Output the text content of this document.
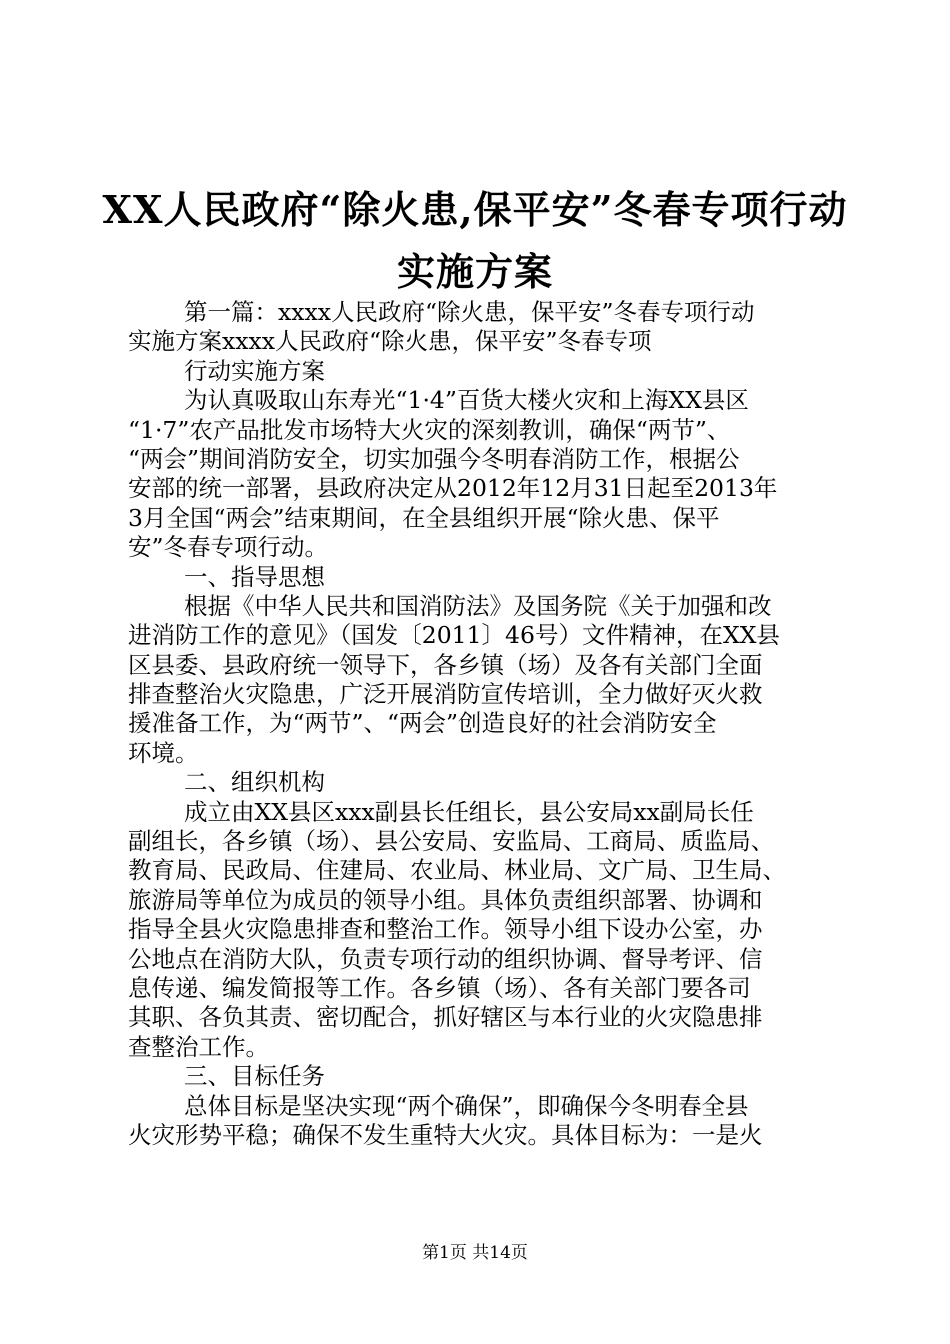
XX人民政府“除火患,保平安”冬春专项行动
实施方案
第一篇：xxxx人民政府“除火患，保平安”冬春专项行动
实施方案xxxx人民政府“除火患，保平安”冬春专项
行动实施方案
为认真吸取山东寿光“1·4”百货大楼火灾和上海XX县区
“1·7”农产品批发市场特大火灾的深刻教训，确保“两节”、
“两会”期间消防安全，切实加强今冬明春消防工作，根据公
安部的统一部署，县政府决定从2012年12月31日起至2013年
3月全国“两会”结束期间，在全县组织开展“除火患、保平
安”冬春专项行动。
一、指导思想
根据《中华人民共和国消防法》及国务院《关于加强和改
进消防工作的意见》（国发〔2011〕46号）文件精神，在XX县
区县委、县政府统一领导下，各乡镇（场）及各有关部门全面
排查整治火灾隐患，广泛开展消防宣传培训，全力做好灭火救
援准备工作，为“两节”、“两会”创造良好的社会消防安全
环境。
二、组织机构
成立由XX县区xxx副县长任组长，县公安局xx副局长任
副组长，各乡镇（场）、县公安局、安监局、工商局、质监局、
教育局、民政局、住建局、农业局、林业局、文广局、卫生局、
旅游局等单位为成员的领导小组。具体负责组织部署、协调和
指导全县火灾隐患排查和整治工作。领导小组下设办公室，办
公地点在消防大队，负责专项行动的组织协调、督导考评、信
息传递、编发简报等工作。各乡镇（场）、各有关部门要各司
其职、各负其责、密切配合，抓好辖区与本行业的火灾隐患排
查整治工作。
三、目标任务
总体目标是坚决实现“两个确保”，即确保今冬明春全县
火灾形势平稳；确保不发生重特大火灾。具体目标为：一是火
第1页 共14页
